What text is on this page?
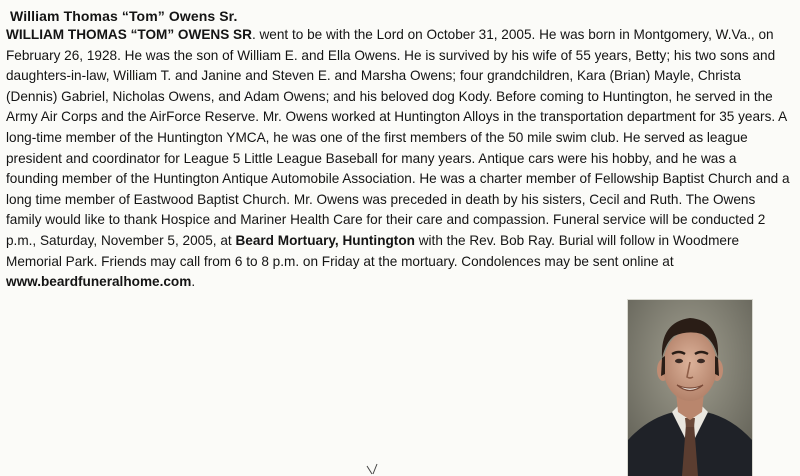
William Thomas “Tom” Owens Sr.

WILLIAM THOMAS “TOM” OWENS SR. went to be with the Lord on October 31, 2005. He was born in Montgomery, W.Va., on February 26, 1928. He was the son of William E. and Ella Owens. He is survived by his wife of 55 years, Betty; his two sons and daughters-in-law, William T. and Janine and Steven E. and Marsha Owens; four grandchildren, Kara (Brian) Mayle, Christa (Dennis) Gabriel, Nicholas Owens, and Adam Owens; and his beloved dog Kody. Before coming to Huntington, he served in the Army Air Corps and the AirForce Reserve. Mr. Owens worked at Huntington Alloys in the transportation department for 35 years. A long-time member of the Huntington YMCA, he was one of the first members of the 50 mile swim club. He served as league president and coordinator for League 5 Little League Baseball for many years. Antique cars were his hobby, and he was a founding member of the Huntington Antique Automobile Association. He was a charter member of Fellowship Baptist Church and a long time member of Eastwood Baptist Church. Mr. Owens was preceded in death by his sisters, Cecil and Ruth. The Owens family would like to thank Hospice and Mariner Health Care for their care and compassion. Funeral service will be conducted 2 p.m., Saturday, November 5, 2005, at Beard Mortuary, Huntington with the Rev. Bob Ray. Burial will follow in Woodmere Memorial Park. Friends may call from 6 to 8 p.m. on Friday at the mortuary. Condolences may be sent online at www.beardfuneralhome.com.
